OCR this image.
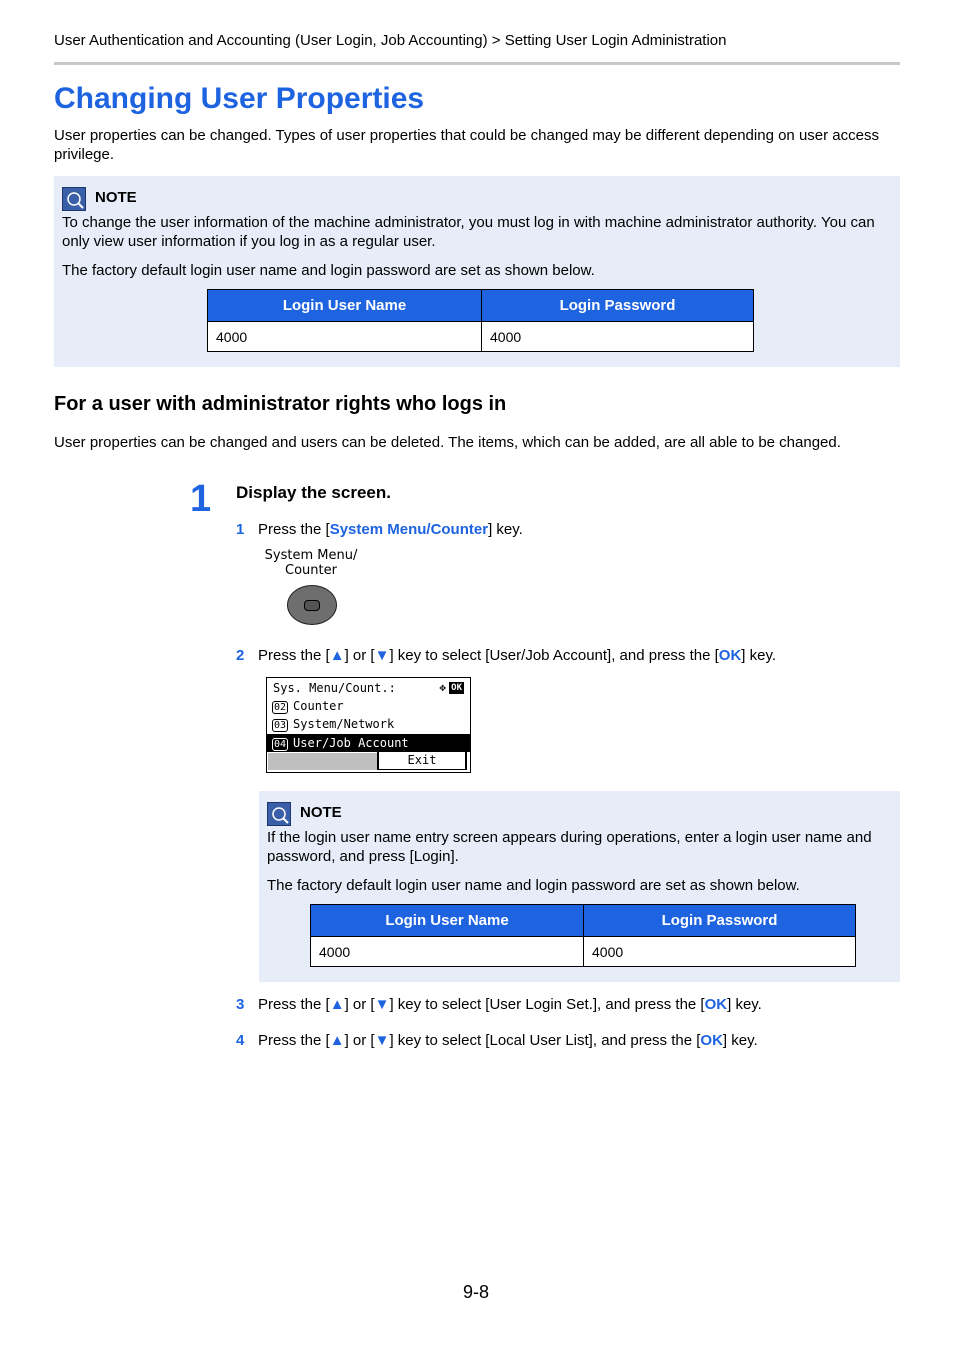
User Authentication and Accounting (User Login, Job Accounting) > Setting User Login Administration
Changing User Properties
User properties can be changed. Types of user properties that could be changed may be different depending on user access privilege.
NOTE
To change the user information of the machine administrator, you must log in with machine administrator authority. You can only view user information if you log in as a regular user.
The factory default login user name and login password are set as shown below.
Login User Name	Login Password
4000	4000
For a user with administrator rights who logs in
User properties can be changed and users can be deleted. The items, which can be added, are all able to be changed.
1 Display the screen.
1 Press the [System Menu/Counter] key.
System Menu/
Counter
2 Press the [▲] or [▼] key to select [User/Job Account], and press the [OK] key.
Sys. Menu/Count.:	✥ OK
02 Counter
03 System/Network
04 User/Job Account
Exit
NOTE
If the login user name entry screen appears during operations, enter a login user name and password, and press [Login].
The factory default login user name and login password are set as shown below.
Login User Name	Login Password
4000	4000
3 Press the [▲] or [▼] key to select [User Login Set.], and press the [OK] key.
4 Press the [▲] or [▼] key to select [Local User List], and press the [OK] key.
9-8
